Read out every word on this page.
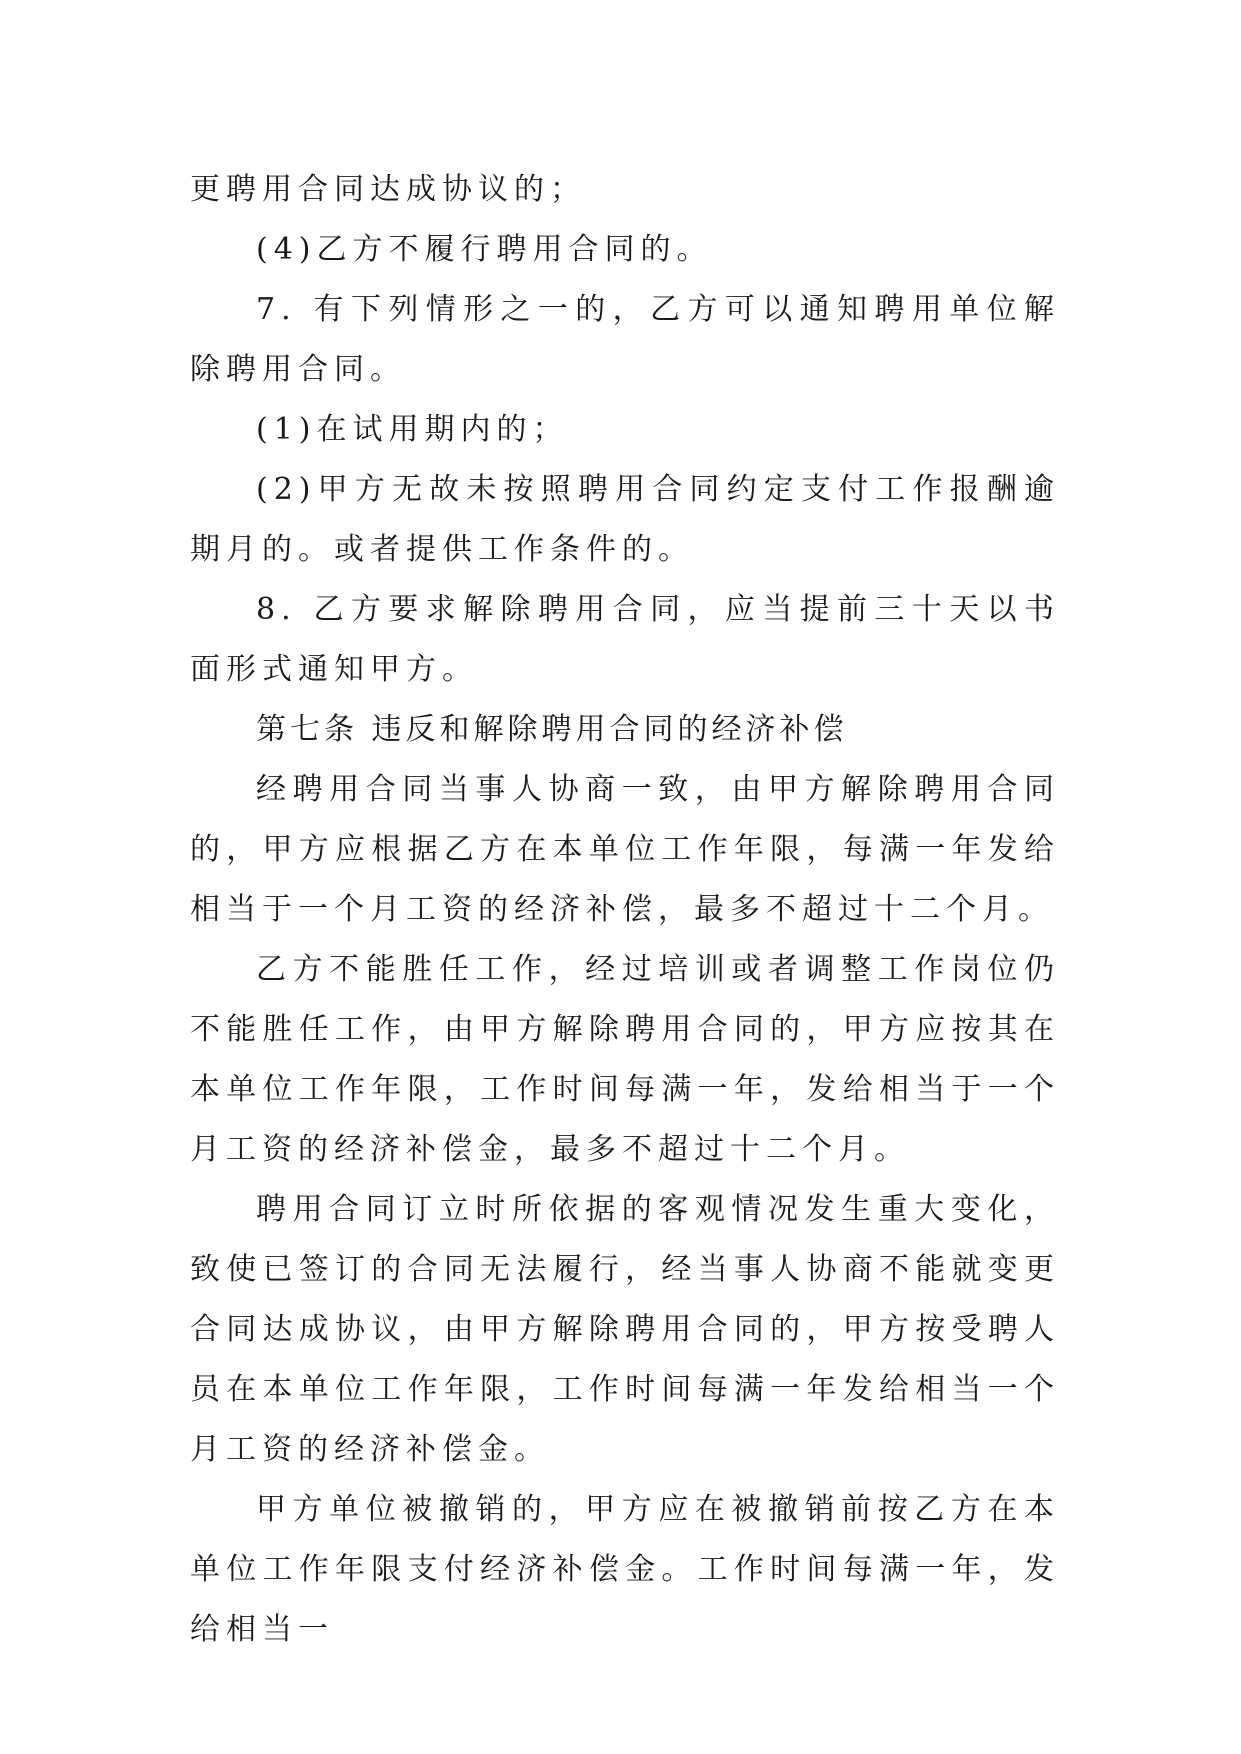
更聘用合同达成协议的；

(4)乙方不履行聘用合同的。

7. 有下列情形之一的，乙方可以通知聘用单位解除聘用合同。

(1)在试用期内的；

(2)甲方无故未按照聘用合同约定支付工作报酬逾期月的。或者提供工作条件的。

8. 乙方要求解除聘用合同，应当提前三十天以书面形式通知甲方。

第七条 违反和解除聘用合同的经济补偿

经聘用合同当事人协商一致，由甲方解除聘用合同的，甲方应根据乙方在本单位工作年限，每满一年发给相当于一个月工资的经济补偿，最多不超过十二个月。

乙方不能胜任工作，经过培训或者调整工作岗位仍不能胜任工作，由甲方解除聘用合同的，甲方应按其在本单位工作年限，工作时间每满一年，发给相当于一个月工资的经济补偿金，最多不超过十二个月。

聘用合同订立时所依据的客观情况发生重大变化，致使已签订的合同无法履行，经当事人协商不能就变更合同达成协议，由甲方解除聘用合同的，甲方按受聘人员在本单位工作年限，工作时间每满一年发给相当一个月工资的经济补偿金。

甲方单位被撤销的，甲方应在被撤销前按乙方在本单位工作年限支付经济补偿金。工作时间每满一年，发给相当一
